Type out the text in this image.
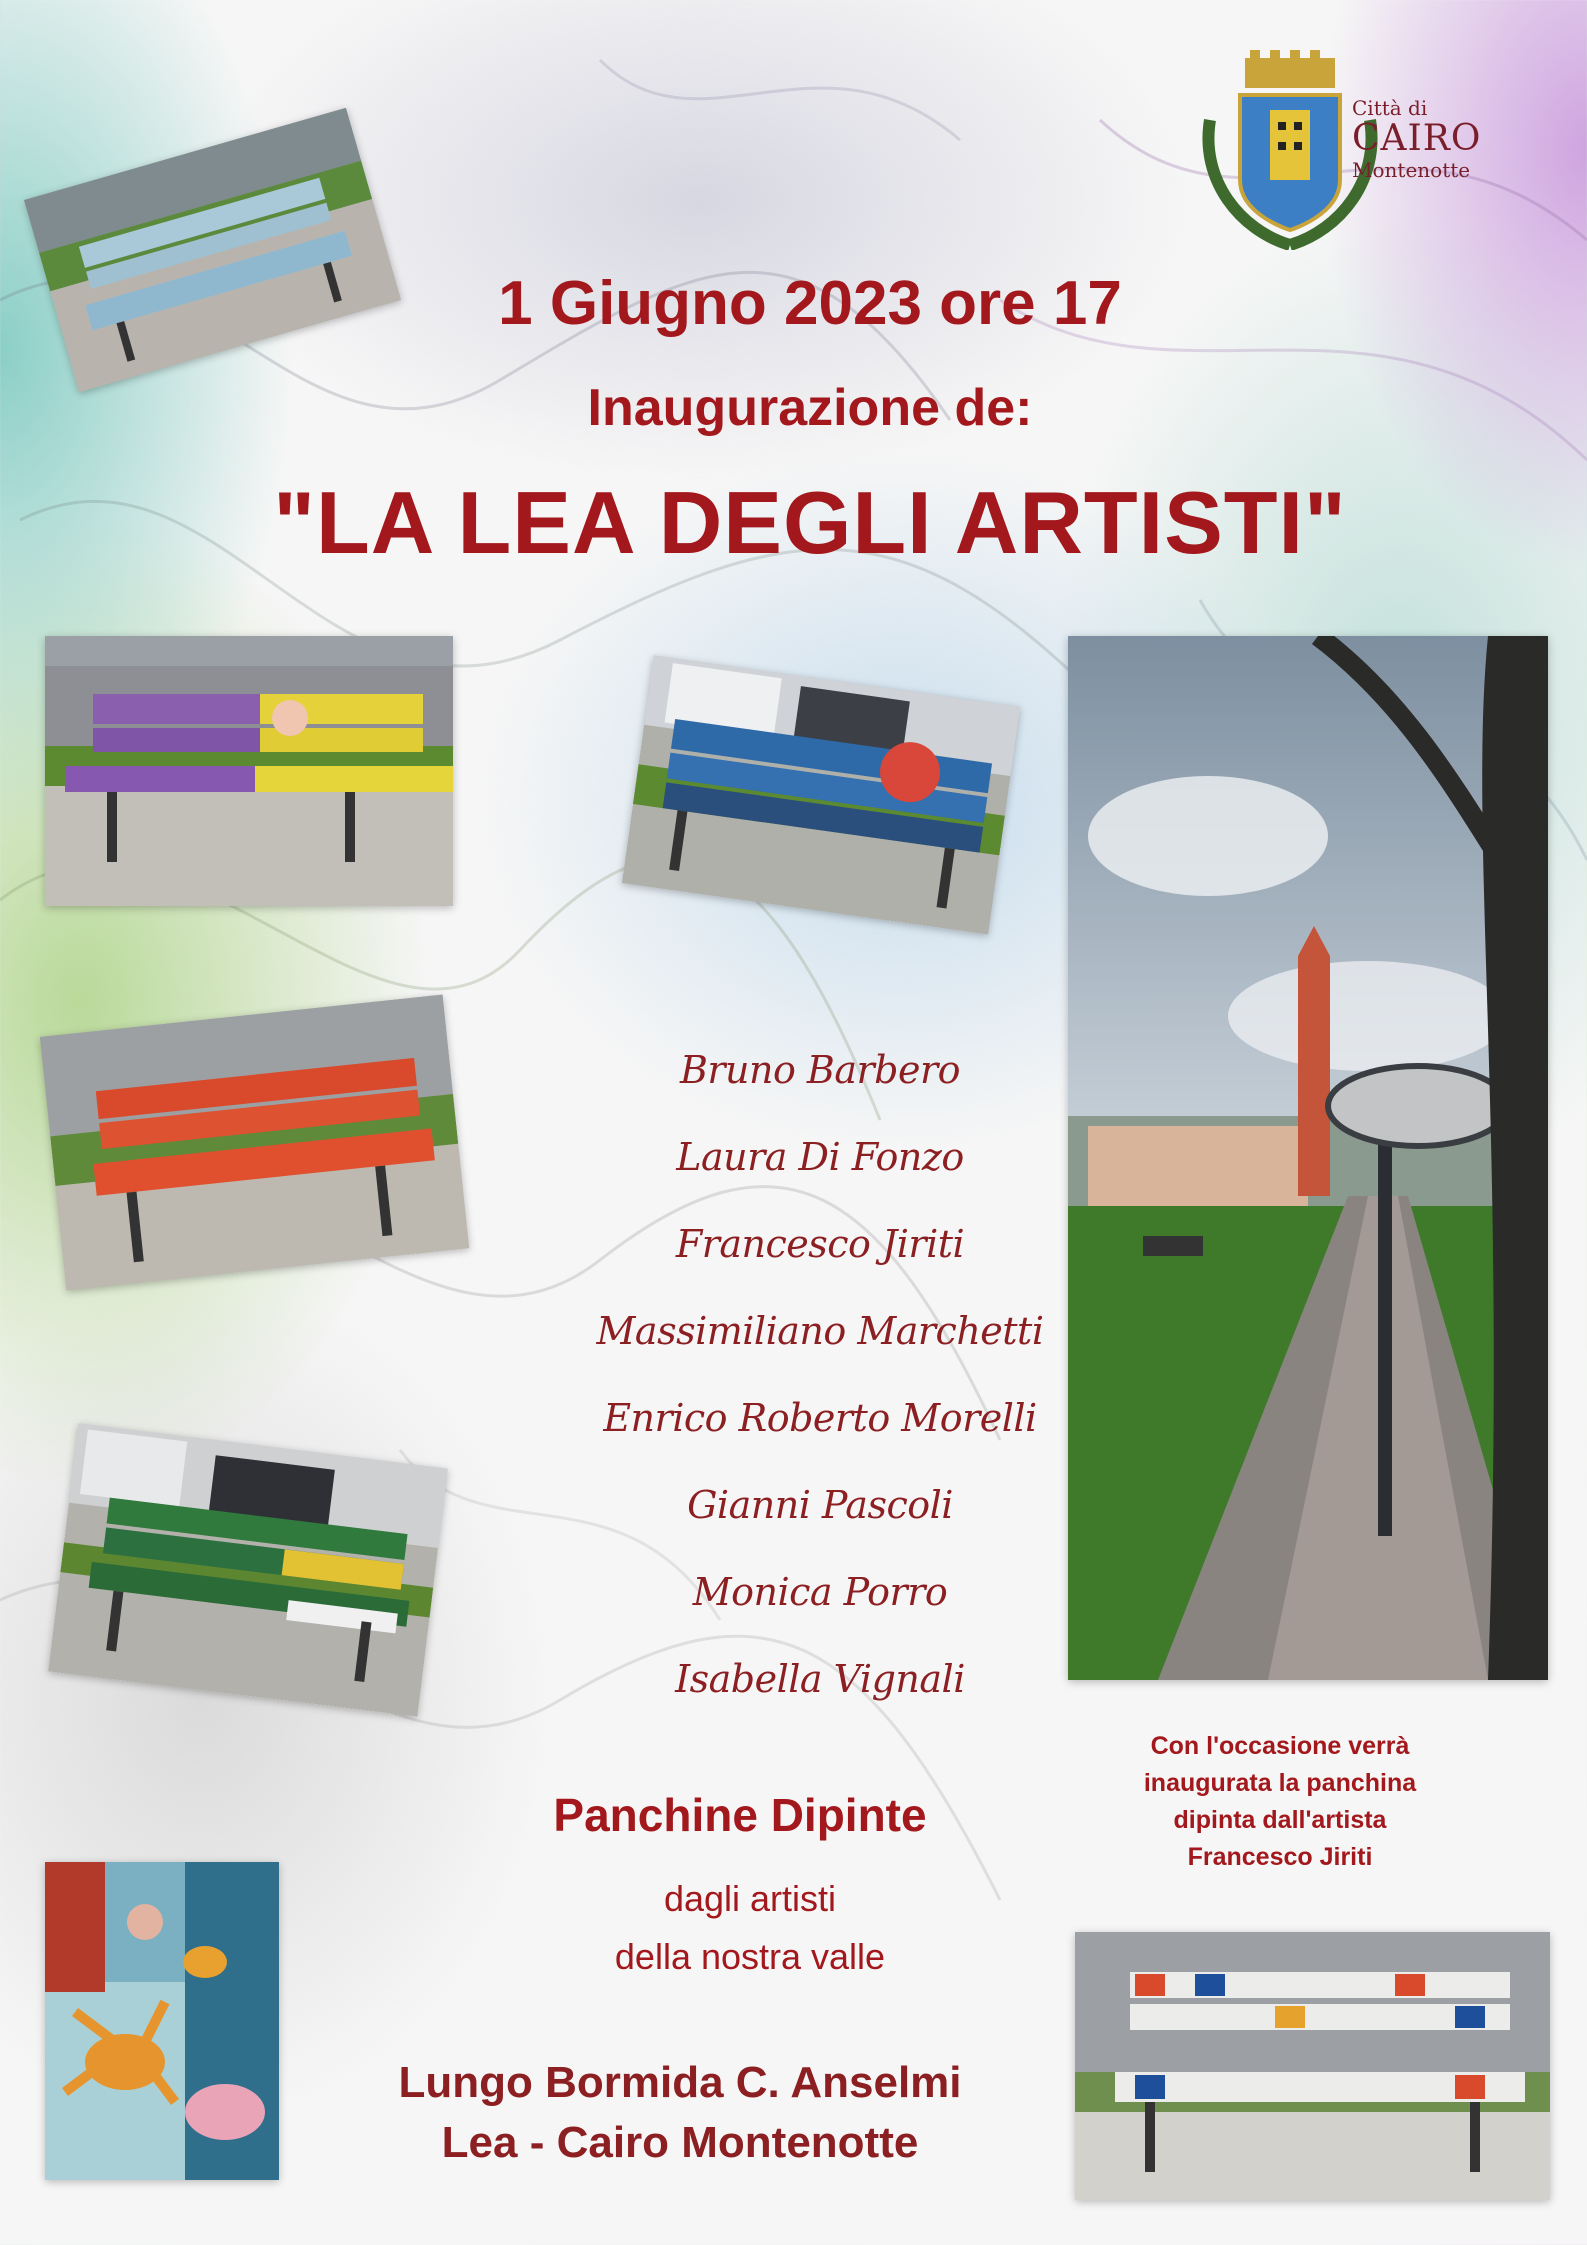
Città di
CAIRO
Montenotte
1 Giugno 2023 ore 17
Inaugurazione de:
"LA LEA DEGLI ARTISTI"
Bruno Barbero
Laura Di Fonzo
Francesco Jiriti
Massimiliano Marchetti
Enrico Roberto Morelli
Gianni Pascoli
Monica Porro
Isabella Vignali
Panchine Dipinte
dagli artisti
della nostra valle
Lungo Bormida C. Anselmi
Lea - Cairo Montenotte
Con l'occasione verrà
inaugurata la panchina
dipinta dall'artista
Francesco Jiriti
